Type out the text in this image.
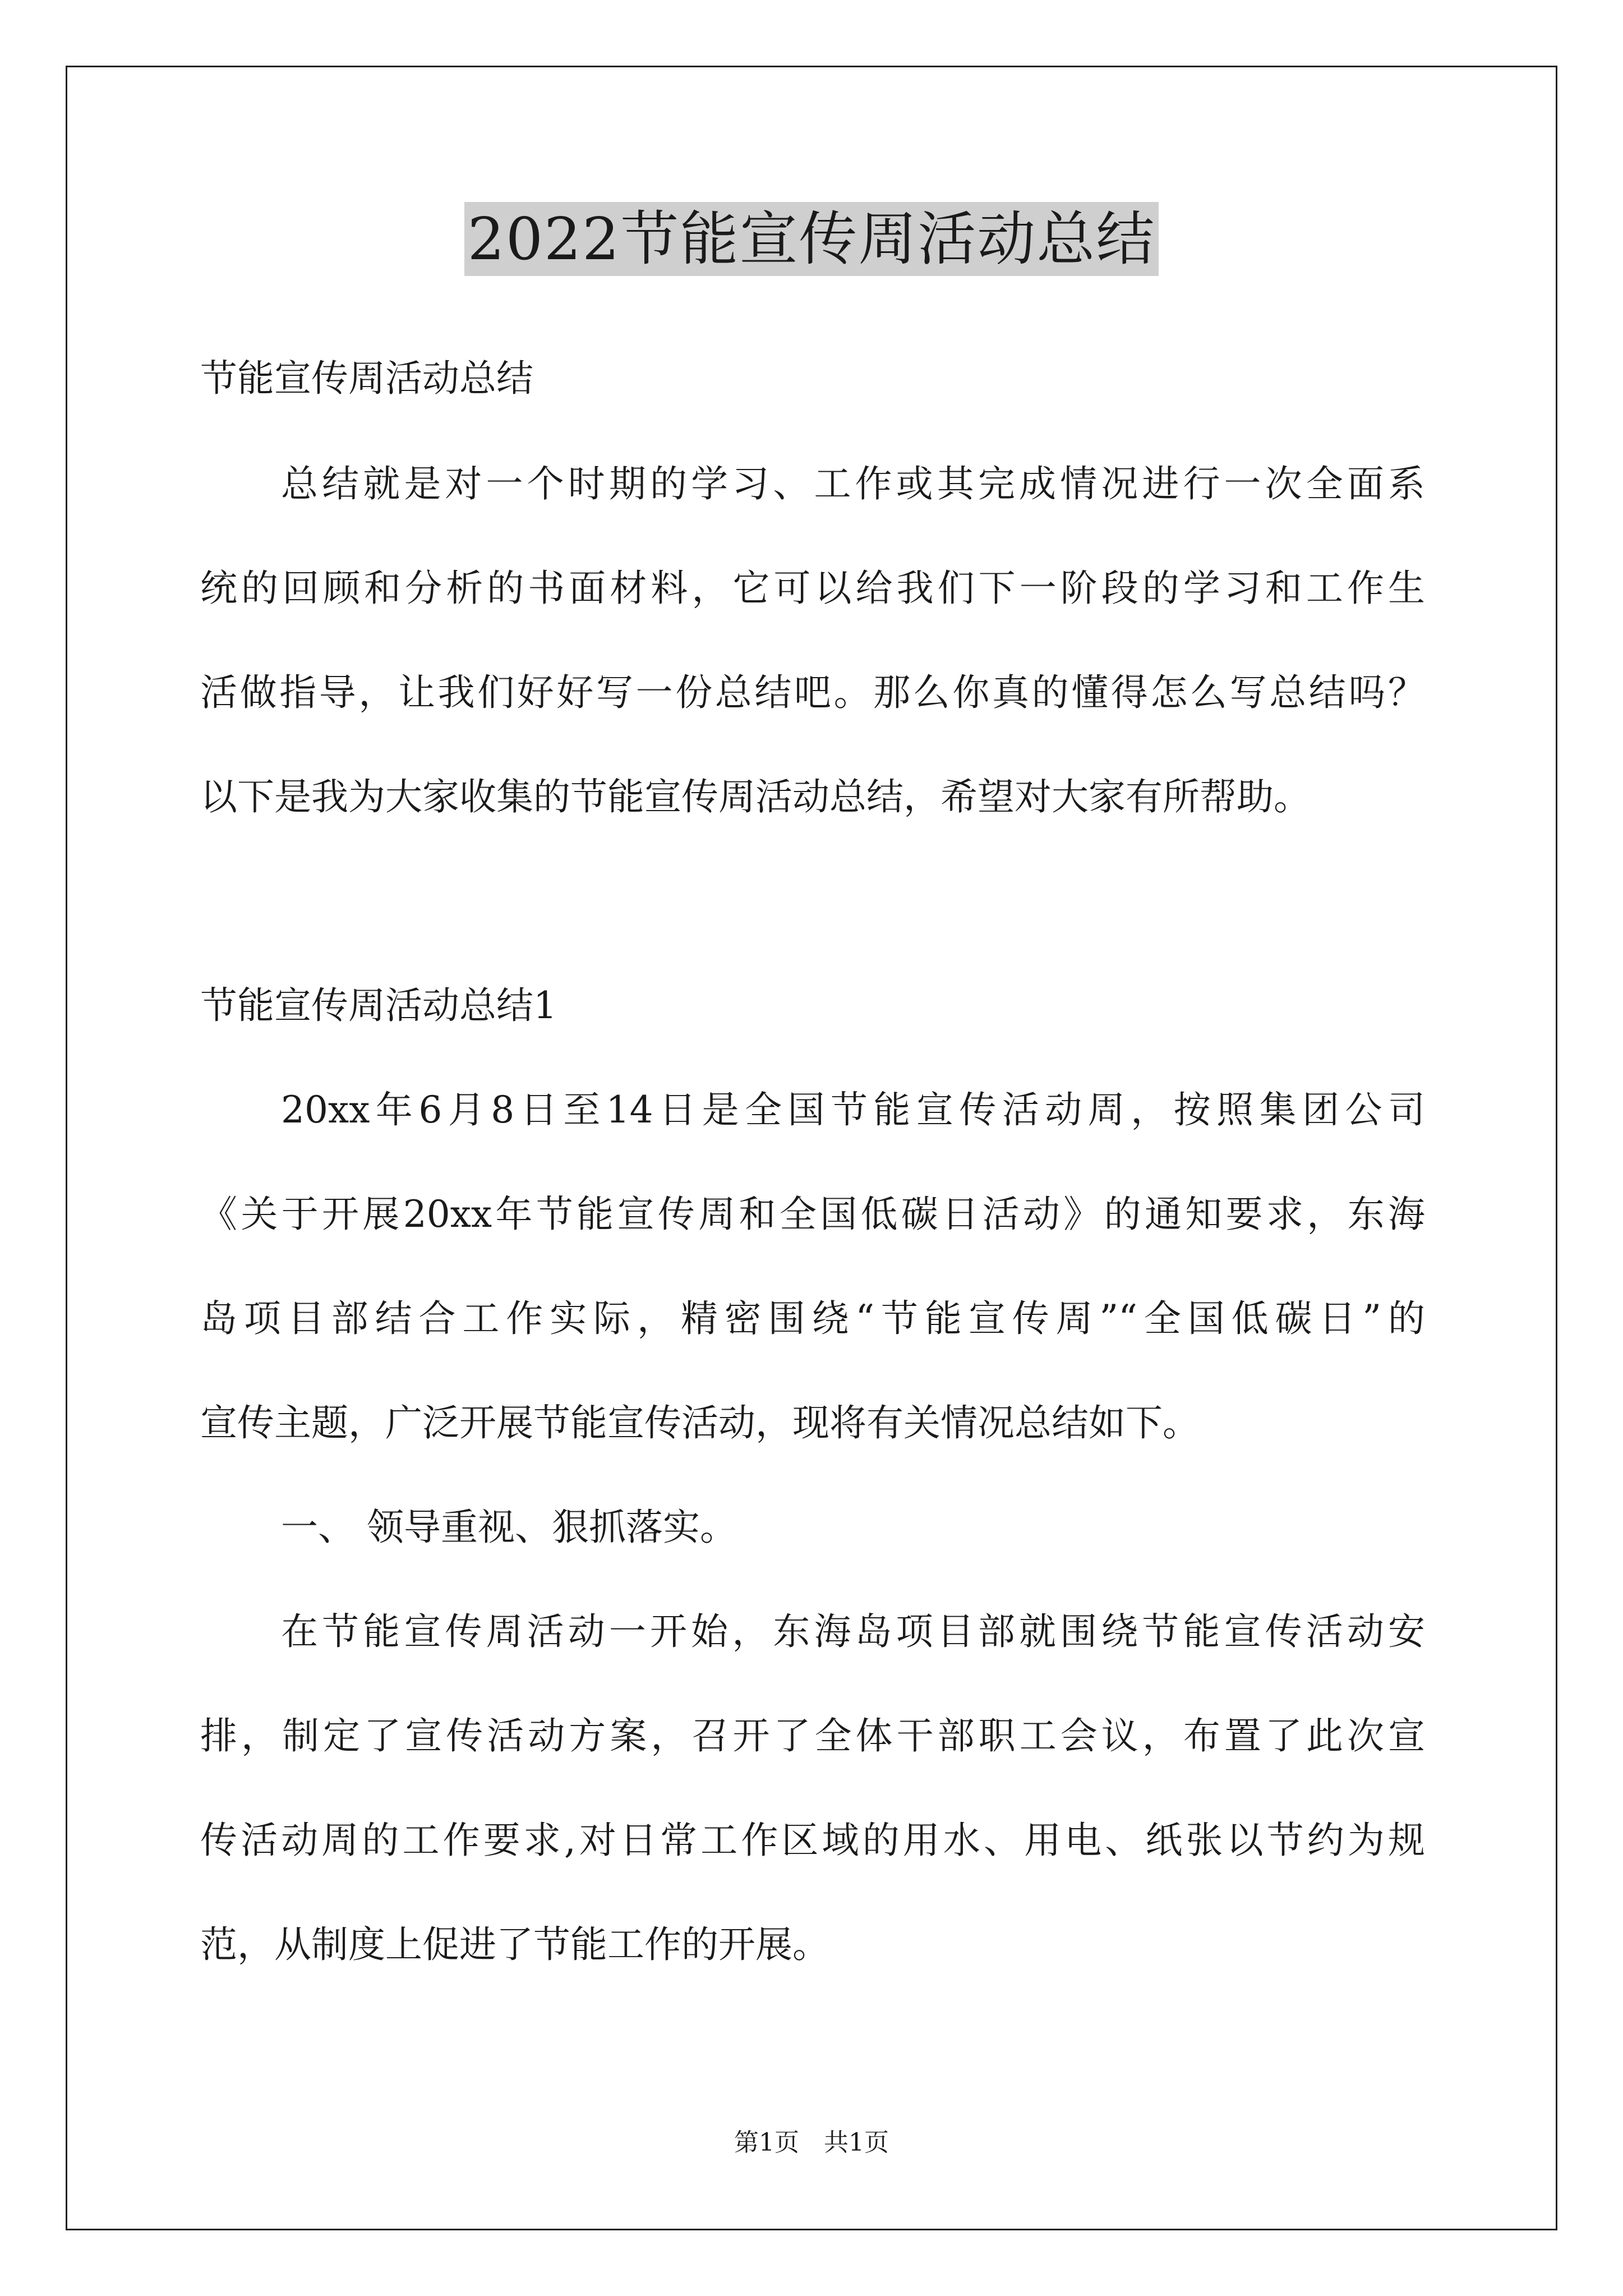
2022节能宣传周活动总结
节能宣传周活动总结
总结就是对一个时期的学习、工作或其完成情况进行一次全面系
统的回顾和分析的书面材料，它可以给我们下一阶段的学习和工作生
活做指导，让我们好好写一份总结吧。那么你真的懂得怎么写总结吗？
以下是我为大家收集的节能宣传周活动总结，希望对大家有所帮助。
节能宣传周活动总结1
20xx年6月8日至14日是全国节能宣传活动周，按照集团公司
《关于开展20xx年节能宣传周和全国低碳日活动》的通知要求，东海
岛项目部结合工作实际，精密围绕“节能宣传周”“全国低碳日”的
宣传主题，广泛开展节能宣传活动，现将有关情况总结如下。
一、 领导重视、狠抓落实。
在节能宣传周活动一开始，东海岛项目部就围绕节能宣传活动安
排，制定了宣传活动方案，召开了全体干部职工会议，布置了此次宣
传活动周的工作要求,对日常工作区域的用水、用电、纸张以节约为规
范，从制度上促进了节能工作的开展。
第1页　共1页
